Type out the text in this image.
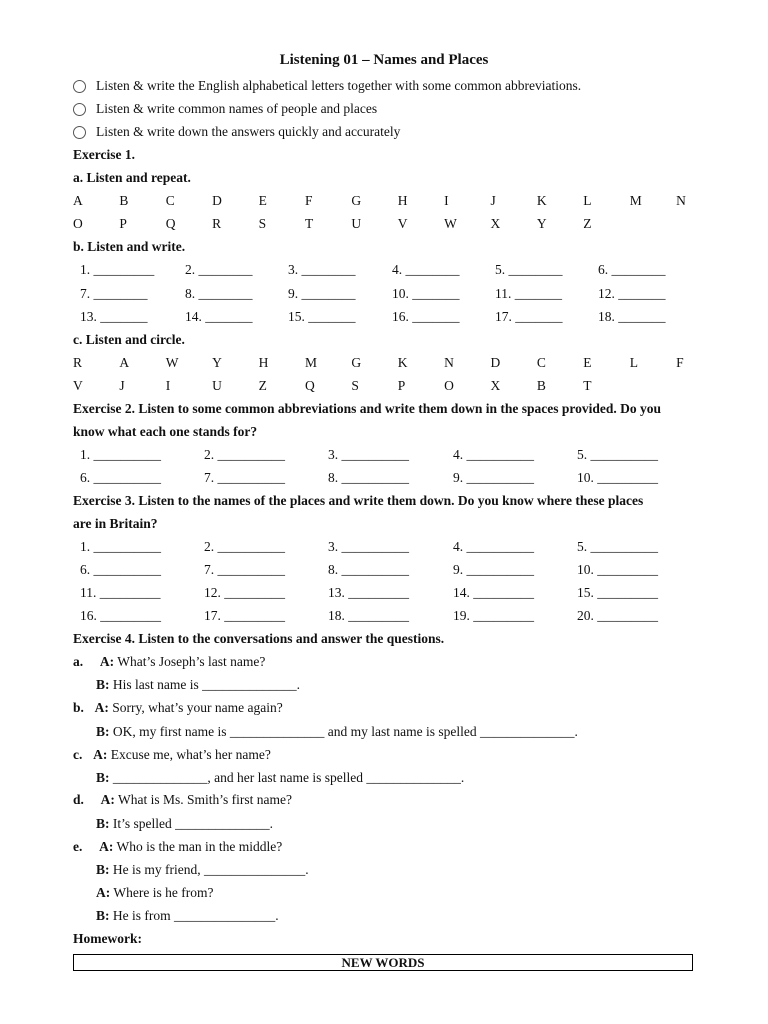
Listening 01 – Names and Places
Listen & write the English alphabetical letters together with some common abbreviations.
Listen & write common names of people and places
Listen & write down the answers quickly and accurately
Exercise 1.
a. Listen and repeat.
A	B	C	D	E	F	G	H	I	J	K	L	M	N
O	P	Q	R	S	T	U	V	W	X	Y	Z
b. Listen and write.
1. _________ 2. ________	3. ________	4. ________	5. ________	6. ________
7. ________	8. ________	9. ________	10. _______	11. _______	12. _______
13. _______	14. _______	15. _______	16. _______	17. _______	18. _______
c. Listen and circle.
R	A	W	Y	H	M	G	K	N	D	C	E	L	F
V	J	I	U	Z	Q	S	P	O	X	B	T
Exercise 2. Listen to some common abbreviations and write them down in the spaces provided. Do you
know what each one stands for?
1. __________	2. __________	3. __________	4. __________	5. __________
6. __________	7. __________	8. __________	9. __________	10. _________
Exercise 3. Listen to the names of the places and write them down. Do you know where these places
are in Britain?
1. __________	2. __________	3. __________	4. __________	5. __________
6. __________	7. __________	8. __________	9. __________	10. _________
11. _________	12. _________	13. _________	14. _________	15. _________
16. _________	17. _________	18. _________	19. _________	20. _________
Exercise 4. Listen to the conversations and answer the questions.
a. A: What’s Joseph’s last name?
B: His last name is ______________.
b. A: Sorry, what’s your name again?
B: OK, my first name is ______________ and my last name is spelled ______________.
c. A: Excuse me, what’s her name?
B: ______________, and her last name is spelled ______________.
d. A: What is Ms. Smith’s first name?
B: It’s spelled ______________.
e. A: Who is the man in the middle?
B: He is my friend, _______________.
A: Where is he from?
B: He is from _______________.
Homework:
NEW WORDS
